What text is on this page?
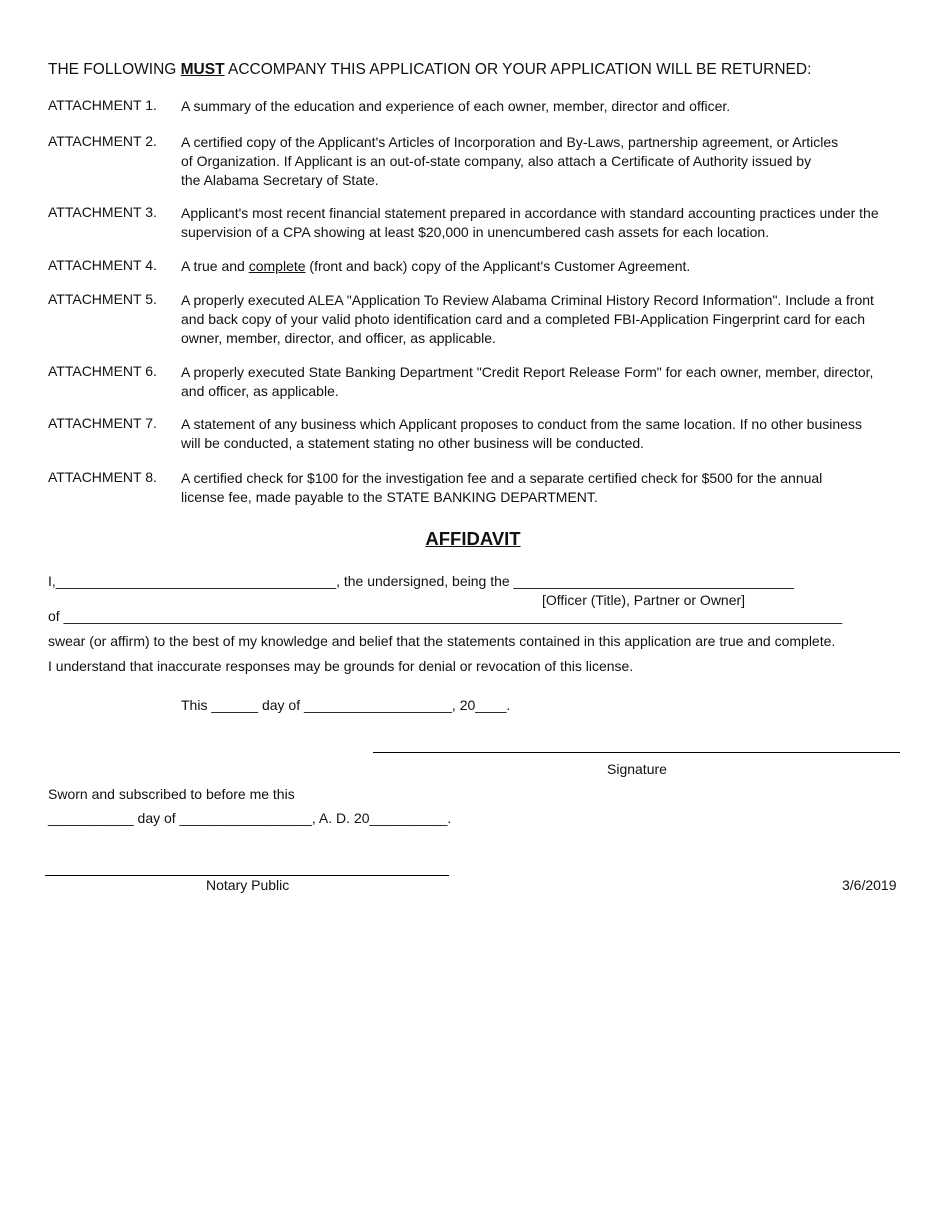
THE FOLLOWING MUST ACCOMPANY THIS APPLICATION OR YOUR APPLICATION WILL BE RETURNED:
ATTACHMENT 1. A summary of the education and experience of each owner, member, director and officer.
ATTACHMENT 2. A certified copy of the Applicant's Articles of Incorporation and By-Laws, partnership agreement, or Articles
of Organization. If Applicant is an out-of-state company, also attach a Certificate of Authority issued by
the Alabama Secretary of State.
ATTACHMENT 3. Applicant's most recent financial statement prepared in accordance with standard accounting practices under the
supervision of a CPA showing at least $20,000 in unencumbered cash assets for each location.
ATTACHMENT 4. A true and complete (front and back) copy of the Applicant's Customer Agreement.
ATTACHMENT 5. A properly executed ALEA "Application To Review Alabama Criminal History Record Information". Include a front
and back copy of your valid photo identification card and a completed FBI-Application Fingerprint card for each
owner, member, director, and officer, as applicable.
ATTACHMENT 6. A properly executed State Banking Department "Credit Report Release Form" for each owner, member, director,
and officer, as applicable.
ATTACHMENT 7. A statement of any business which Applicant proposes to conduct from the same location. If no other business
will be conducted, a statement stating no other business will be conducted.
ATTACHMENT 8. A certified check for $100 for the investigation fee and a separate certified check for $500 for the annual
license fee, made payable to the STATE BANKING DEPARTMENT.
AFFIDAVIT
I,____________________________________, the undersigned, being the ____________________________________
[Officer (Title), Partner or Owner]
of ____________________________________________________________________________________________________
swear (or affirm) to the best of my knowledge and belief that the statements contained in this application are true and complete.
I understand that inaccurate responses may be grounds for denial or revocation of this license.
This ______ day of ___________________, 20____.
Signature
Sworn and subscribed to before me this
___________ day of _________________, A. D. 20__________.
Notary Public	3/6/2019
